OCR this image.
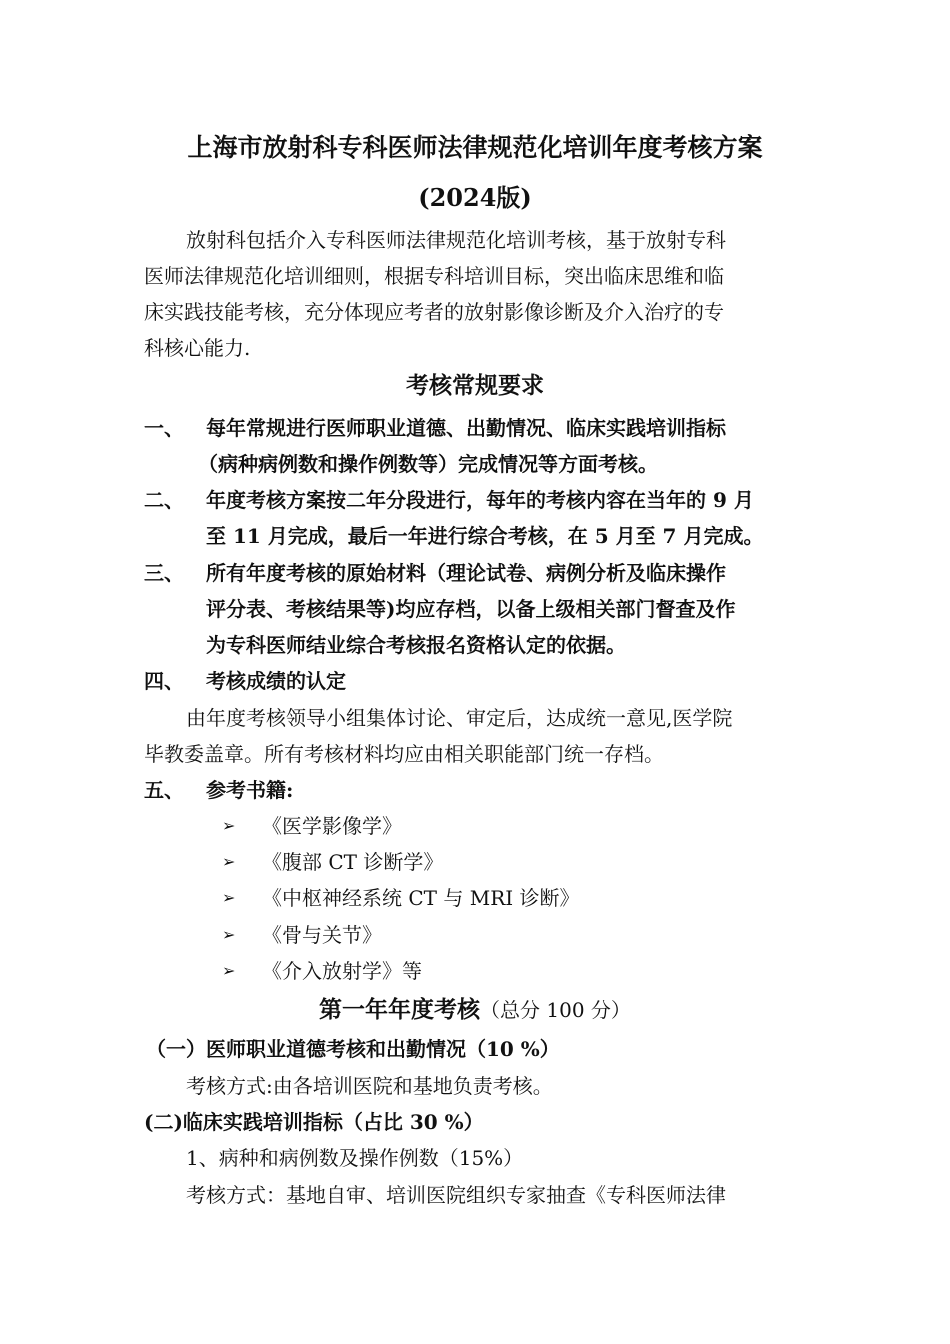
上海市放射科专科医师法律规范化培训年度考核方案
(2024版)
放射科包括介入专科医师法律规范化培训考核，基于放射专科
医师法律规范化培训细则，根据专科培训目标，突出临床思维和临
床实践技能考核，充分体现应考者的放射影像诊断及介入治疗的专
科核心能力.
考核常规要求
一、 每年常规进行医师职业道德、出勤情况、临床实践培训指标
（病种病例数和操作例数等）完成情况等方面考核。
二、 年度考核方案按二年分段进行，每年的考核内容在当年的 9 月
至 11 月完成，最后一年进行综合考核，在 5 月至 7 月完成。
三、 所有年度考核的原始材料（理论试卷、病例分析及临床操作
评分表、考核结果等)均应存档，以备上级相关部门督查及作
为专科医师结业综合考核报名资格认定的依据。
四、 考核成绩的认定
由年度考核领导小组集体讨论、审定后，达成统一意见,医学院
毕教委盖章。所有考核材料均应由相关职能部门统一存档。
五、 参考书籍:
➢ 《医学影像学》
➢ 《腹部 CT 诊断学》
➢ 《中枢神经系统 CT 与 MRI 诊断》
➢ 《骨与关节》
➢ 《介入放射学》等
第一年年度考核（总分 100 分）
（一）医师职业道德考核和出勤情况（10 %）
考核方式:由各培训医院和基地负责考核。
(二)临床实践培训指标（占比 30 %）
1、病种和病例数及操作例数（15%）
考核方式：基地自审、培训医院组织专家抽查《专科医师法律
